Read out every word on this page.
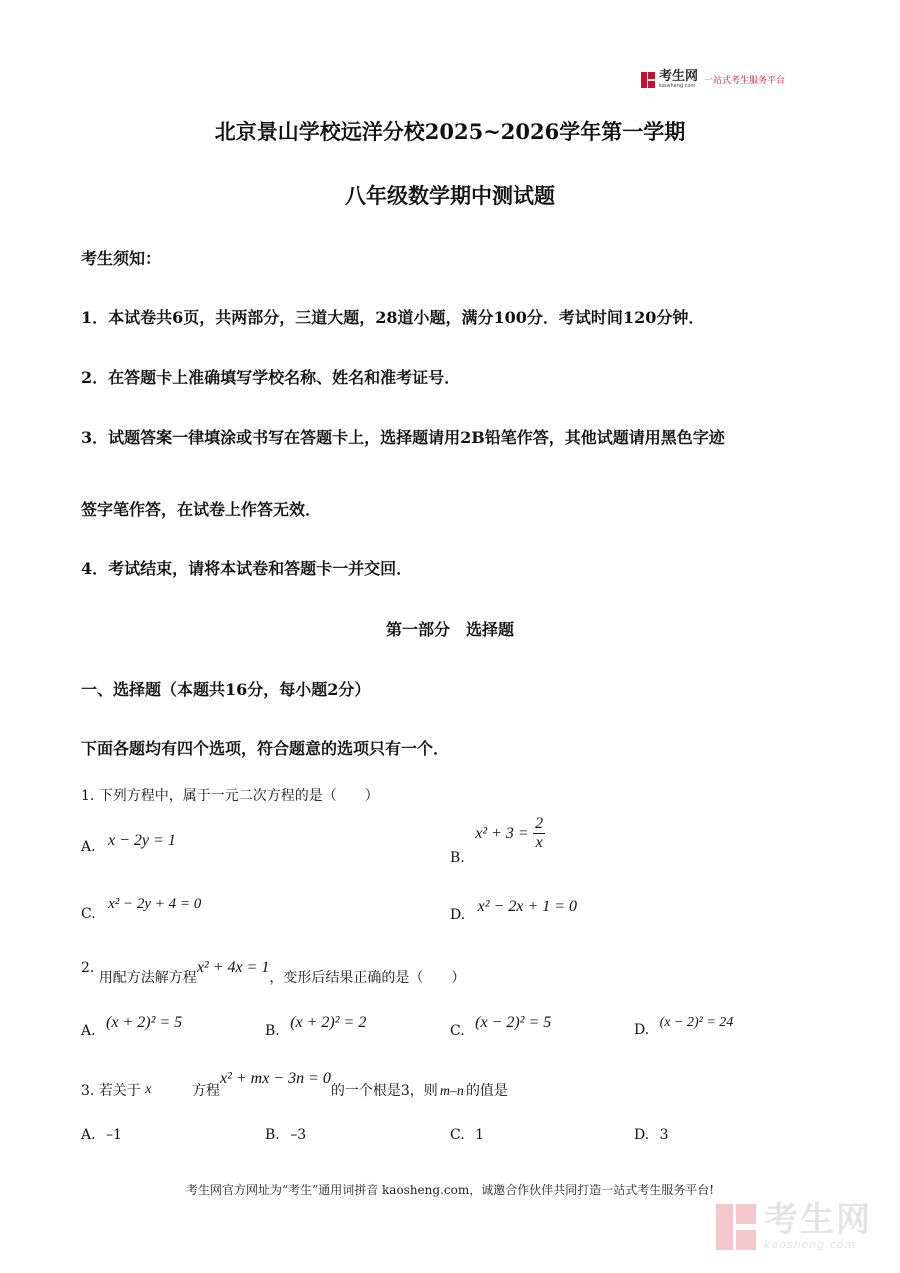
考生网
kaosheng.com 一站式考生服务平台
北京景山学校远洋分校2025~2026学年第一学期
八年级数学期中测试题
考生须知：
1．本试卷共6页，共两部分，三道大题，28道小题，满分100分．考试时间120分钟．
2．在答题卡上准确填写学校名称、姓名和准考证号．
3．试题答案一律填涂或书写在答题卡上，选择题请用2B铅笔作答，其他试题请用黑色字迹
签字笔作答，在试卷上作答无效．
4．考试结束，请将本试卷和答题卡一并交回．
第一部分　选择题
一、选择题（本题共16分，每小题2分）
下面各题均有四个选项，符合题意的选项只有一个．
1. 下列方程中，属于一元二次方程的是（　　）
A. x − 2y = 1
B. $x^2 + 3 = \frac{2}{x}$
C. x² − 2y + 4 = 0
D. x² − 2x + 1 = 0
2. 用配方法解方程x² + 4x = 1，变形后结果正确的是（　　）
A. (x + 2)² = 5	B. (x + 2)² = 2	C. (x − 2)² = 5	D. (x − 2)² = 24
3. 若关于 x	方程x² + mx − 3n = 0的一个根是3，则 m–n 的值是
A. –1	B. –3	C. 1	D. 3
考生网官方网址为“考生”通用词拼音 kaosheng.com，诚邀合作伙伴共同打造一站式考生服务平台!
考生网
kaosheng.com
